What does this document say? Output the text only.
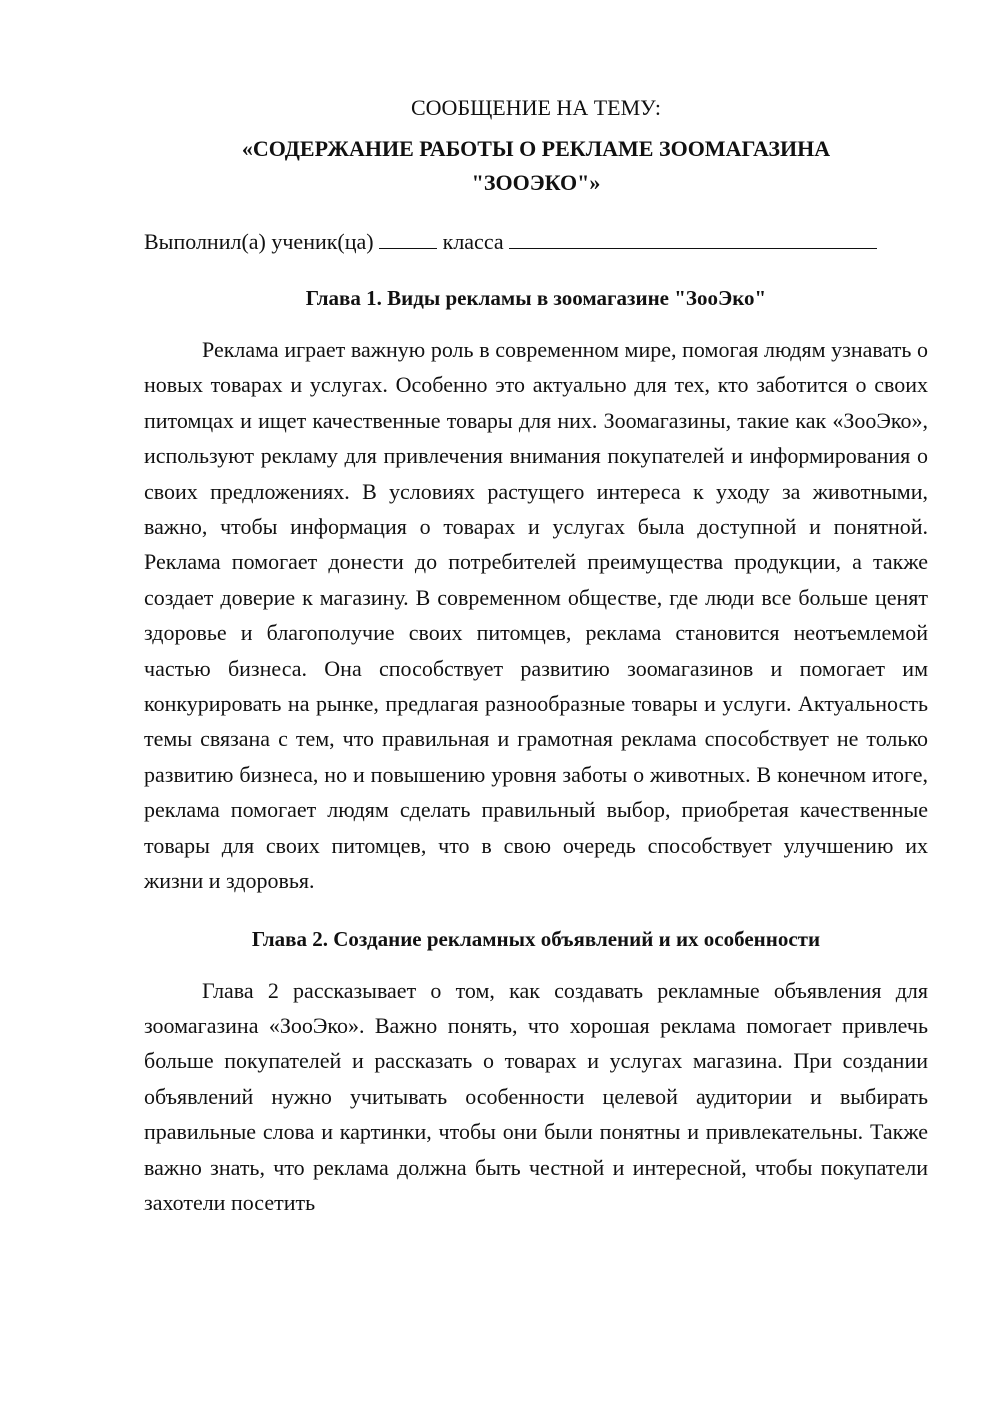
СООБЩЕНИЕ НА ТЕМУ:

«СОДЕРЖАНИЕ РАБОТЫ О РЕКЛАМЕ ЗООМАГАЗИНА
"ЗООЭКО"»

Выполнил(а) ученик(ца)	класса

Глава 1. Виды рекламы в зоомагазине "ЗооЭко"

Реклама играет важную роль в современном мире, помогая людям узнавать о новых товарах и услугах. Особенно это актуально для тех, кто заботится о своих питомцах и ищет качественные товары для них. Зоомагазины, такие как «ЗооЭко», используют рекламу для привлечения внимания покупателей и информирования о своих предложениях. В условиях растущего интереса к уходу за животными, важно, чтобы информация о товарах и услугах была доступной и понятной. Реклама помогает донести до потребителей преимущества продукции, а также создает доверие к магазину. В современном обществе, где люди все больше ценят здоровье и благополучие своих питомцев, реклама становится неотъемлемой частью бизнеса. Она способствует развитию зоомагазинов и помогает им конкурировать на рынке, предлагая разнообразные товары и услуги. Актуальность темы связана с тем, что правильная и грамотная реклама способствует не только развитию бизнеса, но и повышению уровня заботы о животных. В конечном итоге, реклама помогает людям сделать правильный выбор, приобретая качественные товары для своих питомцев, что в свою очередь способствует улучшению их жизни и здоровья.

Глава 2. Создание рекламных объявлений и их особенности

Глава 2 рассказывает о том, как создавать рекламные объявления для зоомагазина «ЗооЭко». Важно понять, что хорошая реклама помогает привлечь больше покупателей и рассказать о товарах и услугах магазина. При создании объявлений нужно учитывать особенности целевой аудитории и выбирать правильные слова и картинки, чтобы они были понятны и привлекательны. Также важно знать, что реклама должна быть честной и интересной, чтобы покупатели захотели посетить
